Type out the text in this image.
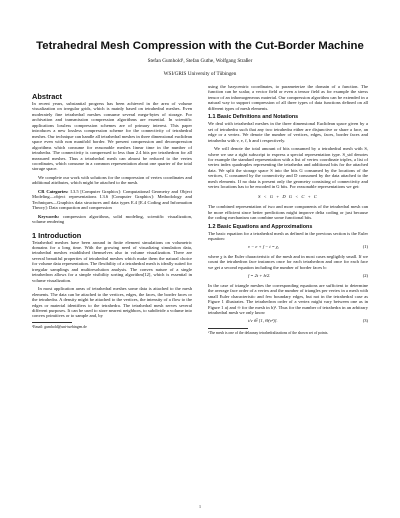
Tetrahedral Mesh Compression with the Cut-Border Machine
Stefan Gumhold¹, Stefan Guthe, Wolfgang Straßer
WSI/GRIS University of Tübingen
Abstract

In recent years, substantial progress has been achieved in the area of volume visualization on irregular grids, which is mainly based on tetrahedral meshes. Even moderately fine tetrahedral meshes consume several mega-bytes of storage. For archivation and transmission compression algorithms are essential. In scientific applications lossless compression schemes are of primary interest. This paper introduces a new lossless compression scheme for the connectivity of tetrahedral meshes. Our technique can handle all tetrahedral meshes in three dimensional euclidean space even with non manifold border. We present compression and decompression algorithms which consume for reasonable meshes linear time in the number of tetrahedra. The connectivity is compressed to less than 2.4 bits per tetrahedron for all measured meshes. Thus a tetrahedral mesh can almost be reduced to the vertex coordinates, which consume in a common representation about one quarter of the total storage space.

We complete our work with solutions for the compression of vertex coordinates and additional attributes, which might be attached to the mesh.

CR Categories: I.3.5 [Computer Graphics]: Computational Geometry and Object Modeling—object representations I.3.6 [Computer Graphics]: Methodology and Techniques—Graphics data structures and data types E.4 [E.4 Coding and Information Theory]: Data compaction and compression

Keywords: compression algorithms, solid modeling, scientific visualization, volume rendering

1 Introduction

Tetrahedral meshes have been around in finite element simulations on volumetric domains for a long time. With the growing need of visualizing simulation data, tetrahedral meshes established themselves also in volume visualization. There are several beautiful properties of tetrahedral meshes which make them the natural choice for volume data representation. The flexibility of a tetrahedral mesh is ideally suited for irregular samplings and multiresolution analysis. The convex nature of a single tetrahedron allows for a simple visibility sorting algorithm[12], which is essential in volume visualization.

In most application areas of tetrahedral meshes some data is attached to the mesh elements. The data can be attached to the vertices, edges, the faces, the border faces or the tetrahedra. A density might be attached to the vertices, the intensity of a flow to the edges or material identifiers to the tetrahedra. The tetrahedral mesh serves several different purposes. It can be used to store nearest neighbors, to subdivide a volume into convex primitives or to sample and, by

¹Email: gumhold@uni-tuebingen.de

using the barycentric coordinates, to parameterize the domain of a function. The function can be scalar, a vector field or even a tensor field as for example the stress tensor of an inhomogeneous material. Our compression algorithm can be extended in a natural way to support compression of all three types of data functions defined on all different types of mesh elements.

1.1 Basic Definitions and Notations

We deal with tetrahedral meshes in the three dimensional Euclidean space given by a set of tetrahedra such that any two tetrahedra either are disjunctive or share a face, an edge or a vertex. We denote the number of vertices, edges, faces, border faces and tetrahedra with v, e, f, b and t respectively.

We will denote the total amount of bits consumed by a tetrahedral mesh with S, where we use a right subscript to express a special representation type. S_std denotes for example the standard representation with a list of vertex coordinate triples, a list of vertex index quadruples representing the tetrahedra and additional bits for the attached data. We split the storage space S into the bits G consumed by the locations of the vertices, C consumed by the connectivity and D consumed by the data attached to the mesh elements. If no data is present only the geometry consisting of connectivity and vertex locations has to be encoded in G bits. For reasonable representations we get:

S < G + D G < C + C

The combined representation of two and more components of the tetrahedral mesh can be more efficient since better predictions might improve delta coding or just because the coding mechanism can combine some functional bits.

1.2 Basic Equations and Approximations

The basic equation for a tetrahedral mesh as defined in the previous section is the Euler equation:

v − e + f − t = χ,	(1)

where χ is the Euler characteristic of the mesh and in most cases negligibly small. If we count the tetrahedron face instances once for each tetrahedron and once for each face we get a second equation including the number of border faces b:

f = 2t + b/2.	(2)

In the case of triangle meshes the corresponding equations are sufficient to determine the average face order of a vertex and the number of triangles per vertex in a mesh with small Euler characteristic and few boundary edges, but not in the tetrahedral case as Figure 1 illustrates. The tetrahedron order of a vertex might vary between one as in Figure 1 a) and ∞ for the mesh in b)¹. Thus for the number of tetrahedra in an arbitrary tetrahedral mesh we only know

t/v ∈ [1, Θ(v²)].	(3)
¹The mesh is one of the delaunay tetrahedralizations of the shown set of points.
1
